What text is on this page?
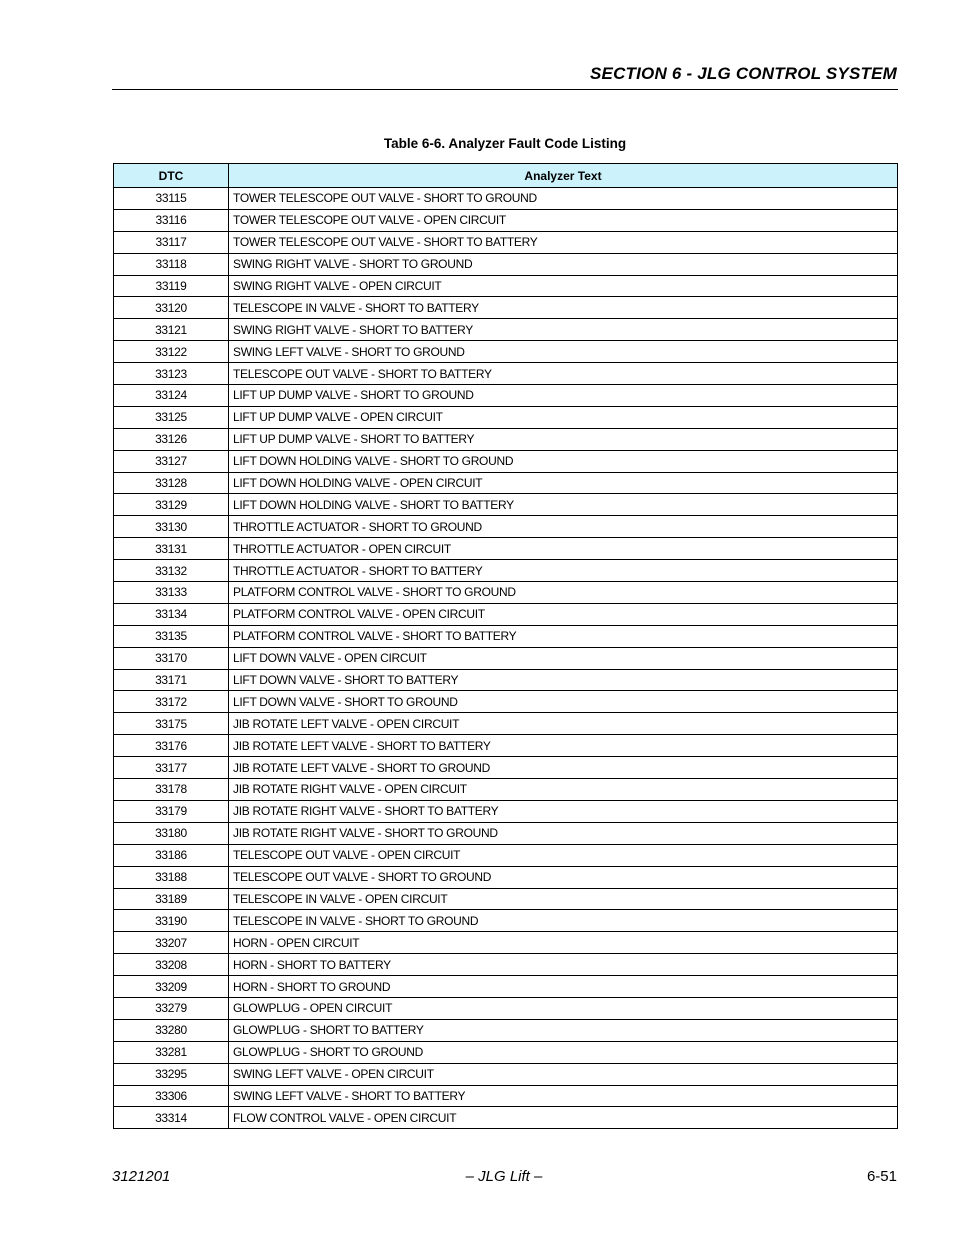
SECTION 6 - JLG CONTROL SYSTEM
Table 6-6. Analyzer Fault Code Listing
DTC	Analyzer Text
33115	TOWER TELESCOPE OUT VALVE - SHORT TO GROUND
33116	TOWER TELESCOPE OUT VALVE - OPEN CIRCUIT
33117	TOWER TELESCOPE OUT VALVE - SHORT TO BATTERY
33118	SWING RIGHT VALVE - SHORT TO GROUND
33119	SWING RIGHT VALVE - OPEN CIRCUIT
33120	TELESCOPE IN VALVE - SHORT TO BATTERY
33121	SWING RIGHT VALVE - SHORT TO BATTERY
33122	SWING LEFT VALVE - SHORT TO GROUND
33123	TELESCOPE OUT VALVE - SHORT TO BATTERY
33124	LIFT UP DUMP VALVE - SHORT TO GROUND
33125	LIFT UP DUMP VALVE - OPEN CIRCUIT
33126	LIFT UP DUMP VALVE - SHORT TO BATTERY
33127	LIFT DOWN HOLDING VALVE - SHORT TO GROUND
33128	LIFT DOWN HOLDING VALVE - OPEN CIRCUIT
33129	LIFT DOWN HOLDING VALVE - SHORT TO BATTERY
33130	THROTTLE ACTUATOR - SHORT TO GROUND
33131	THROTTLE ACTUATOR - OPEN CIRCUIT
33132	THROTTLE ACTUATOR - SHORT TO BATTERY
33133	PLATFORM CONTROL VALVE - SHORT TO GROUND
33134	PLATFORM CONTROL VALVE - OPEN CIRCUIT
33135	PLATFORM CONTROL VALVE - SHORT TO BATTERY
33170	LIFT DOWN VALVE - OPEN CIRCUIT
33171	LIFT DOWN VALVE - SHORT TO BATTERY
33172	LIFT DOWN VALVE - SHORT TO GROUND
33175	JIB ROTATE LEFT VALVE - OPEN CIRCUIT
33176	JIB ROTATE LEFT VALVE - SHORT TO BATTERY
33177	JIB ROTATE LEFT VALVE - SHORT TO GROUND
33178	JIB ROTATE RIGHT VALVE - OPEN CIRCUIT
33179	JIB ROTATE RIGHT VALVE - SHORT TO BATTERY
33180	JIB ROTATE RIGHT VALVE - SHORT TO GROUND
33186	TELESCOPE OUT VALVE - OPEN CIRCUIT
33188	TELESCOPE OUT VALVE - SHORT TO GROUND
33189	TELESCOPE IN VALVE - OPEN CIRCUIT
33190	TELESCOPE IN VALVE - SHORT TO GROUND
33207	HORN - OPEN CIRCUIT
33208	HORN - SHORT TO BATTERY
33209	HORN - SHORT TO GROUND
33279	GLOWPLUG - OPEN CIRCUIT
33280	GLOWPLUG - SHORT TO BATTERY
33281	GLOWPLUG - SHORT TO GROUND
33295	SWING LEFT VALVE - OPEN CIRCUIT
33306	SWING LEFT VALVE - SHORT TO BATTERY
33314	FLOW CONTROL VALVE - OPEN CIRCUIT
3121201	– JLG Lift –	6-51
